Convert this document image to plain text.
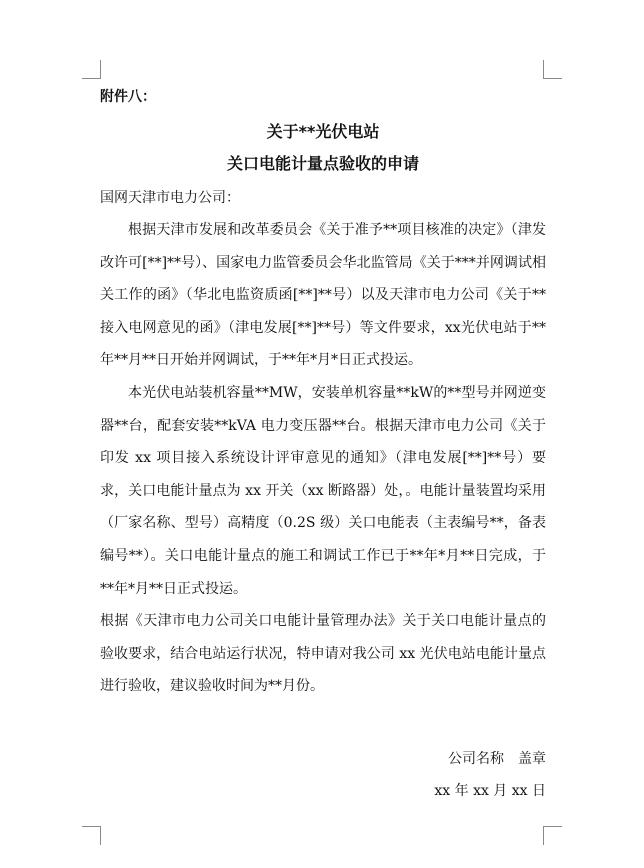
附件八：
关于**光伏电站
关口电能计量点验收的申请
国网天津市电力公司：

根据天津市发展和改革委员会《关于准予**项目核准的决定》（津发改许可[**]**号）、国家电力监管委员会华北监管局《关于***并网调试相关工作的函》（华北电监资质函[**]**号）以及天津市电力公司《关于**接入电网意见的函》（津电发展[**]**号）等文件要求，xx光伏电站于**年**月**日开始并网调试，于**年*月*日正式投运。

本光伏电站装机容量**MW，安装单机容量**kW的**型号并网逆变器**台，配套安装**kVA 电力变压器**台。根据天津市电力公司《关于印发 xx 项目接入系统设计评审意见的通知》（津电发展[**]**号）要求，关口电能计量点为 xx 开关（xx 断路器）处，。电能计量装置均采用（厂家名称、型号）高精度（0.2S 级）关口电能表（主表编号**，备表编号**）。关口电能计量点的施工和调试工作已于**年*月**日完成，于**年*月**日正式投运。

根据《天津市电力公司关口电能计量管理办法》关于关口电能计量点的验收要求，结合电站运行状况，特申请对我公司 xx 光伏电站电能计量点进行验收，建议验收时间为**月份。

公司名称　盖章
xx 年 xx 月 xx 日
